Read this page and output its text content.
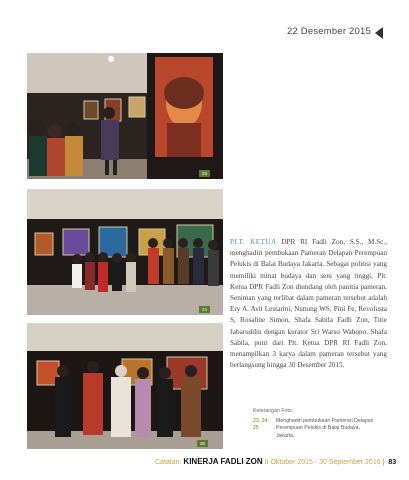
22 Desember 2015
23
24
25
PLT. KETUA DPR RI Fadli Zon, S.S., M.Sc., menghadiri pembukaan Pameran Delapan Perempuan Pelukis di Balai Budaya Jakarta. Sebagai politisi yang memiliki minat budaya dan seni yang tinggi, Plt. Ketua DPR Fadli Zon diundang oleh panitia pameran. Seniman yang terlibat dalam pameran tersebut adalah Ery A. Avit Lestarini, Nunung WS, Pini Fe, Revolusta S, Rosaline Simon, Shafa Sabila Fadli Zon, Titie Jabaruddin dengan kurator Sri Warso Wahono. Shafa Sabila, putri dari Plt. Ketua DPR RI Fadli Zon, menampilkan 3 karya dalam pameran tersebut yang berlangsung hingga 30 Desember 2015.
Keterangan Foto:
23, 24, 25
Menghadiri pembukaan Pameran Delapan
Perempuan Pelukis di Balai Budaya,
Jakarta.
Catatan: KINERJA FADLI ZON II Oktober 2015 - 30 September 2016 | 83
